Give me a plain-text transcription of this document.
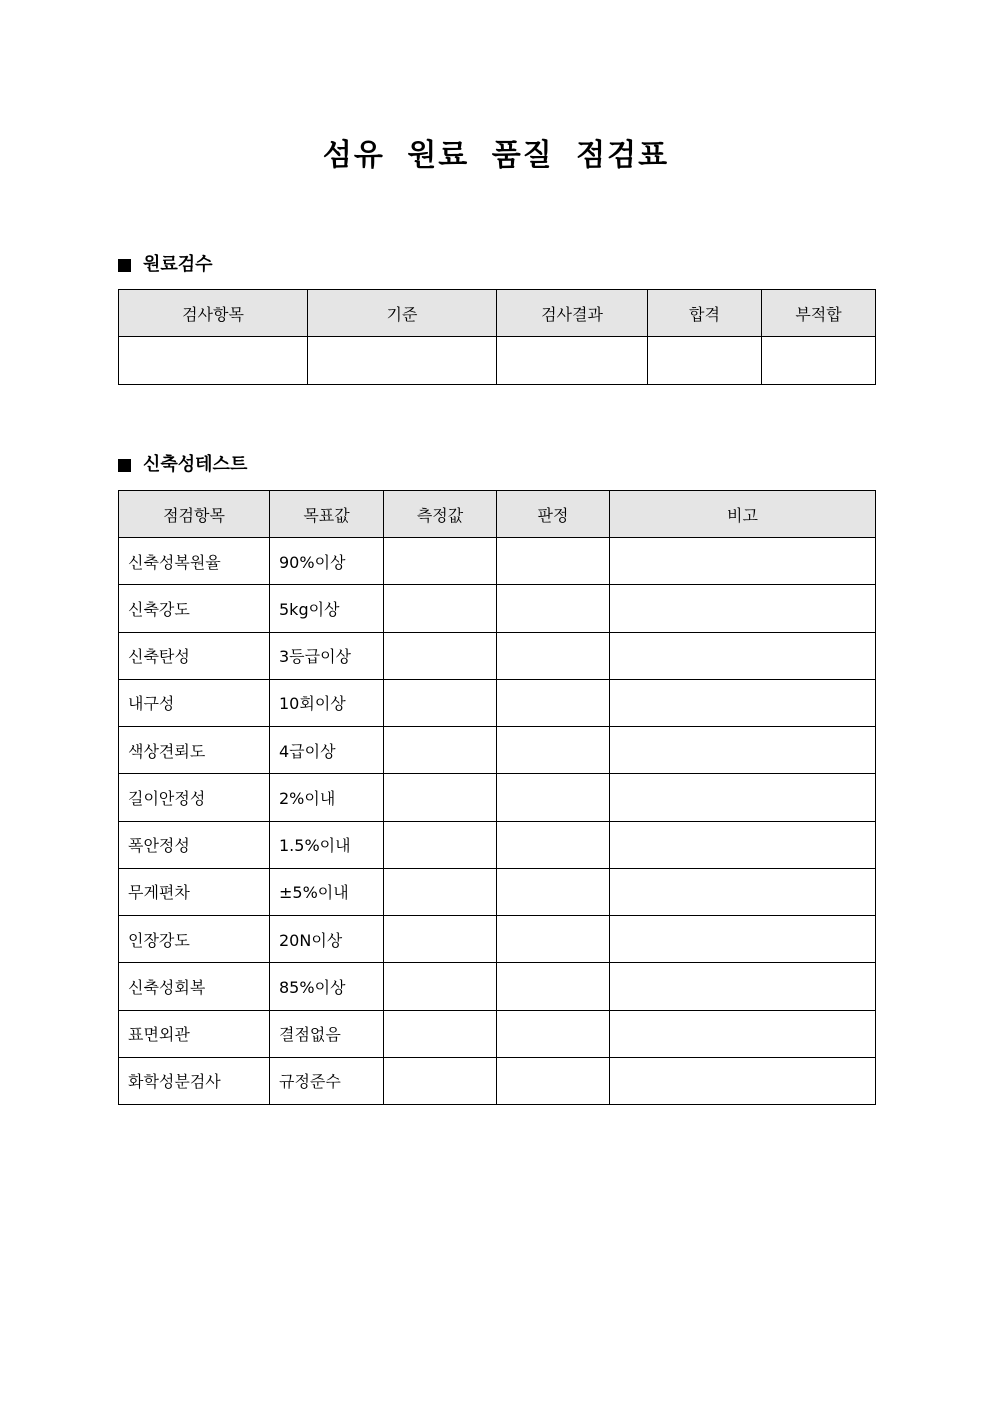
섬유 원료 품질 점검표
원료검수
검사항목	기준	검사결과	합격	부적합

신축성테스트
점검항목	목표값	측정값	판정	비고
신축성복원율	90%이상			
신축강도	5kg이상			
신축탄성	3등급이상			
내구성	10회이상			
색상견뢰도	4급이상			
길이안정성	2%이내			
폭안정성	1.5%이내			
무게편차	±5%이내			
인장강도	20N이상			
신축성회복	85%이상			
표면외관	결점없음			
화학성분검사	규정준수			
